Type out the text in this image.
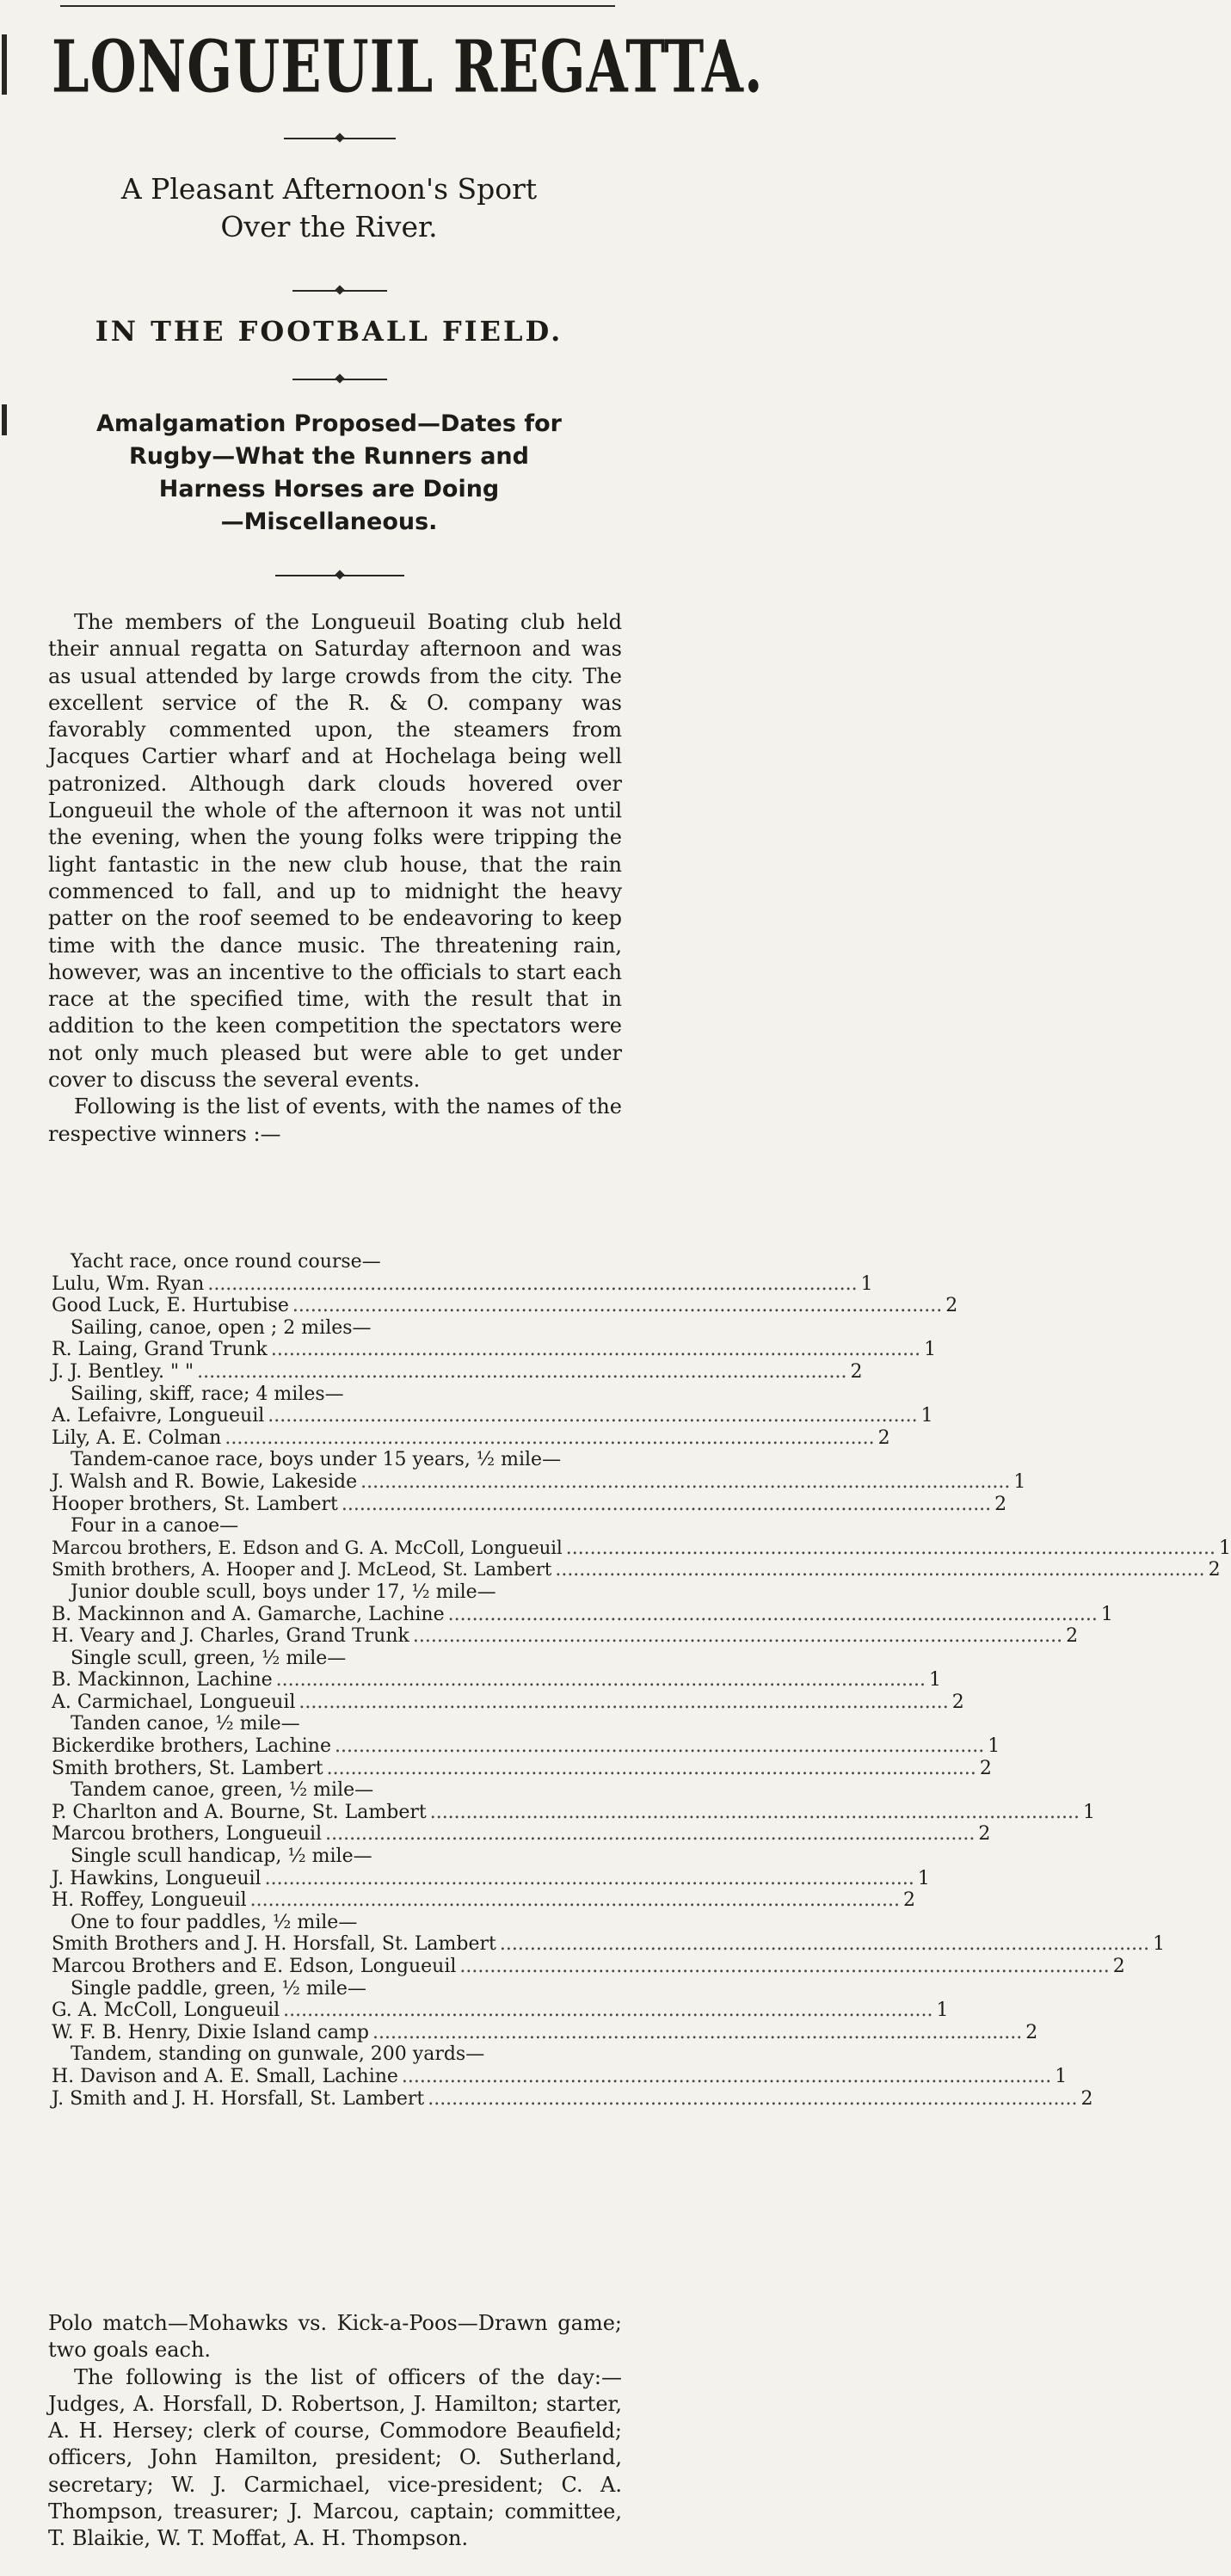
LONGUEUIL REGATTA.
A Pleasant Afternoon's Sport
Over the River.
IN THE FOOTBALL FIELD.
Amalgamation Proposed—Dates for
Rugby—What the Runners and
Harness Horses are Doing
—Miscellaneous.

The members of the Longueuil Boating club held their annual regatta on Saturday afternoon and was as usual attended by large crowds from the city. The excellent service of the R. & O. company was favorably commented upon, the steamers from Jacques Cartier wharf and at Hochelaga being well patronized. Although dark clouds hovered over Longueuil the whole of the afternoon it was not until the evening, when the young folks were tripping the light fantastic in the new club house, that the rain commenced to fall, and up to midnight the heavy patter on the roof seemed to be endeavoring to keep time with the dance music. The threatening rain, however, was an incentive to the officials to start each race at the specified time, with the result that in addition to the keen competition the spectators were not only much pleased but were able to get under cover to discuss the several events.

Following is the list of events, with the names of the respective winners :—

Yacht race, once round course—
Lulu, Wm. Ryan .....	1
Good Luck, E. Hurtubise .....	2
Sailing, canoe, open ; 2 miles—
R. Laing, Grand Trunk .....	1
J. J. Bentley. " " .....	2
Sailing, skiff, race; 4 miles—
A. Lefaivre, Longueuil .....	1
Lily, A. E. Colman .....	2
Tandem-canoe race, boys under 15 years, ½ mile—
J. Walsh and R. Bowie, Lakeside .....	1
Hooper brothers, St. Lambert .....	2
Four in a canoe—
Marcou brothers, E. Edson and G. A. McColl, Longueuil .....	1
Smith brothers, A. Hooper and J. McLeod, St. Lambert .....	2
Junior double scull, boys under 17, ½ mile—
B. Mackinnon and A. Gamarche, Lachine .....	1
H. Veary and J. Charles, Grand Trunk .....	2
Single scull, green, ½ mile—
B. Mackinnon, Lachine .....	1
A. Carmichael, Longueuil .....	2
Tanden canoe, ½ mile—
Bickerdike brothers, Lachine .....	1
Smith brothers, St. Lambert .....	2
Tandem canoe, green, ½ mile—
P. Charlton and A. Bourne, St. Lambert .....	1
Marcou brothers, Longueuil .....	2
Single scull handicap, ½ mile—
J. Hawkins, Longueuil .....	1
H. Roffey, Longueuil .....	2
One to four paddles, ½ mile—
Smith Brothers and J. H. Horsfall, St. Lambert .....	1
Marcou Brothers and E. Edson, Longueuil .....	2
Single paddle, green, ½ mile—
G. A. McColl, Longueuil .....	1
W. F. B. Henry, Dixie Island camp .....	2
Tandem, standing on gunwale, 200 yards—
H. Davison and A. E. Small, Lachine .....	1
J. Smith and J. H. Horsfall, St. Lambert .....	2

Polo match—Mohawks vs. Kick-a-Poos—Drawn game; two goals each.

The following is the list of officers of the day:—Judges, A. Horsfall, D. Robertson, J. Hamilton; starter, A. H. Hersey; clerk of course, Commodore Beaufield; officers, John Hamilton, president; O. Sutherland, secretary; W. J. Carmichael, vice-president; C. A. Thompson, treasurer; J. Marcou, captain; committee, T. Blaikie, W. T. Moffat, A. H. Thompson.
